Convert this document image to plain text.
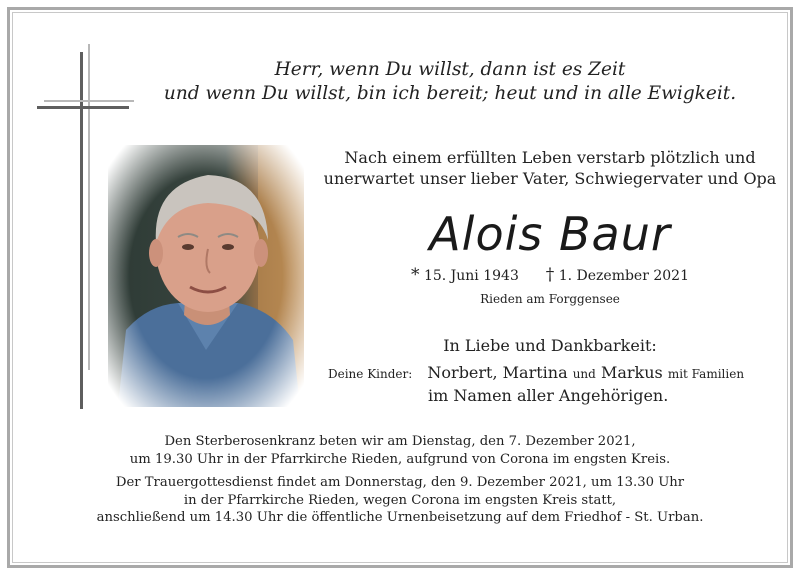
Herr, wenn Du willst, dann ist es Zeit
und wenn Du willst, bin ich bereit; heut und in alle Ewigkeit.
Nach einem erfüllten Leben verstarb plötzlich und
unerwartet unser lieber Vater, Schwiegervater und Opa
Alois Baur
* 15. Juni 1943 † 1. Dezember 2021
Rieden am Forggensee
In Liebe und Dankbarkeit:
Deine Kinder: Norbert, Martina und Markus mit Familien
im Namen aller Angehörigen.
Den Sterberosenkranz beten wir am Dienstag, den 7. Dezember 2021,
um 19.30 Uhr in der Pfarrkirche Rieden, aufgrund von Corona im engsten Kreis.
Der Trauergottesdienst findet am Donnerstag, den 9. Dezember 2021, um 13.30 Uhr
in der Pfarrkirche Rieden, wegen Corona im engsten Kreis statt,
anschließend um 14.30 Uhr die öffentliche Urnenbeisetzung auf dem Friedhof - St. Urban.
